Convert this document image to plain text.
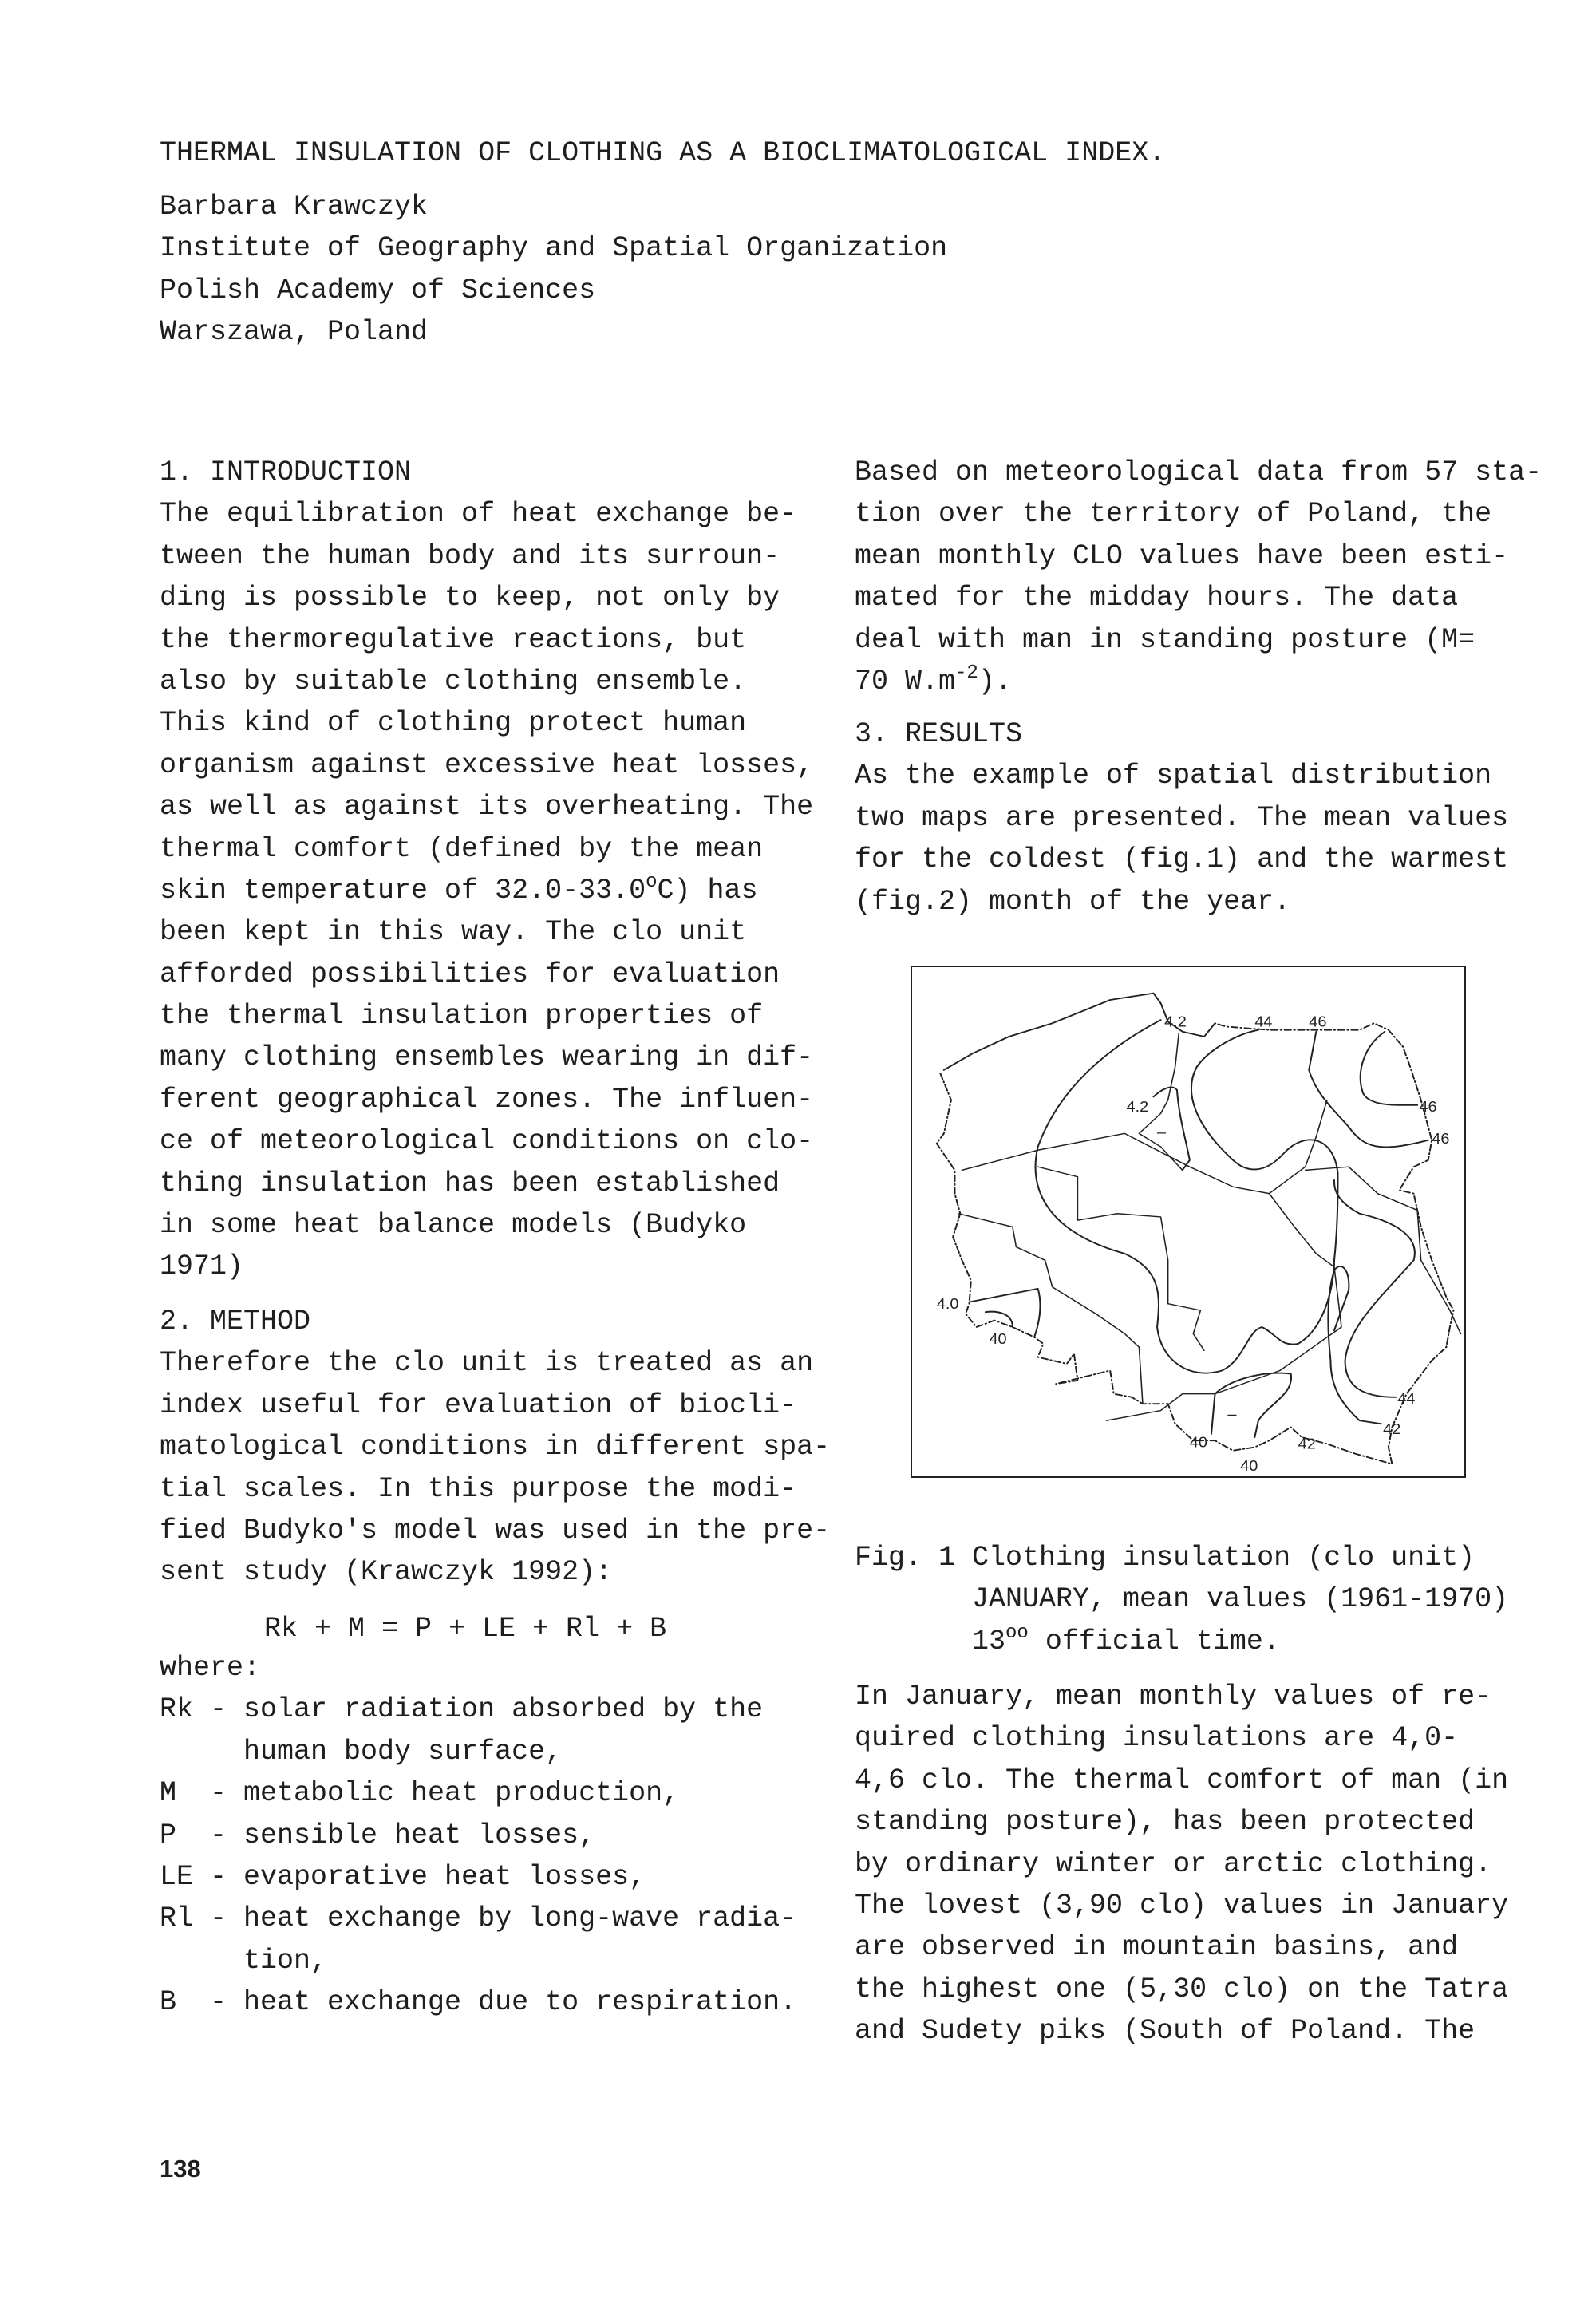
THERMAL INSULATION OF CLOTHING AS A BIOCLIMATOLOGICAL INDEX.
Barbara Krawczyk
Institute of Geography and Spatial Organization
Polish Academy of Sciences
Warszawa, Poland
1. INTRODUCTION
The equilibration of heat exchange be-
tween the human body and its surroun-
ding is possible to keep, not only by
the thermoregulative reactions, but
also by suitable clothing ensemble.
This kind of clothing protect human
organism against excessive heat losses,
as well as against its overheating. The
thermal comfort (defined by the mean
skin temperature of 32.0-33.0$^o$C) has
been kept in this way. The clo unit
afforded possibilities for evaluation
the thermal insulation properties of
many clothing ensembles wearing in dif-
ferent geographical zones. The influen-
ce of meteorological conditions on clo-
thing insulation has been established
in some heat balance models (Budyko
1971)
2. METHOD
Therefore the clo unit is treated as an
index useful for evaluation of biocli-
matological conditions in different spa-
tial scales. In this purpose the modi-
fied Budyko's model was used in the pre-
sent study (Krawczyk 1992):
Rk + M = P + LE + Rl + B
where:
Rk - solar radiation absorbed by the
human body surface,
M  - metabolic heat production,
P  - sensible heat losses,
LE - evaporative heat losses,
Rl - heat exchange by long-wave radia-
tion,
B  - heat exchange due to respiration.
Based on meteorological data from 57 sta-
tion over the territory of Poland, the
mean monthly CLO values have been esti-
mated for the midday hours. The data
deal with man in standing posture (M=
70 $W.m^{-2}$).
3. RESULTS
As the example of spatial distribution
two maps are presented. The mean values
for the coldest (fig.1) and the warmest
(fig.2) month of the year.
4.2
4.2
44 46
46
46
4.0
40
44
42
40
40
42
–
–
Fig. 1 Clothing insulation (clo unit)
JANUARY, mean values (1961-1970)
$13^{oo}$ official time.
In January, mean monthly values of re-
quired clothing insulations are 4,0-
4,6 clo. The thermal comfort of man (in
standing posture), has been protected
by ordinary winter or arctic clothing.
The lovest (3,90 clo) values in January
are observed in mountain basins, and
the highest one (5,30 clo) on the Tatra
and Sudety piks (South of Poland. The
138
